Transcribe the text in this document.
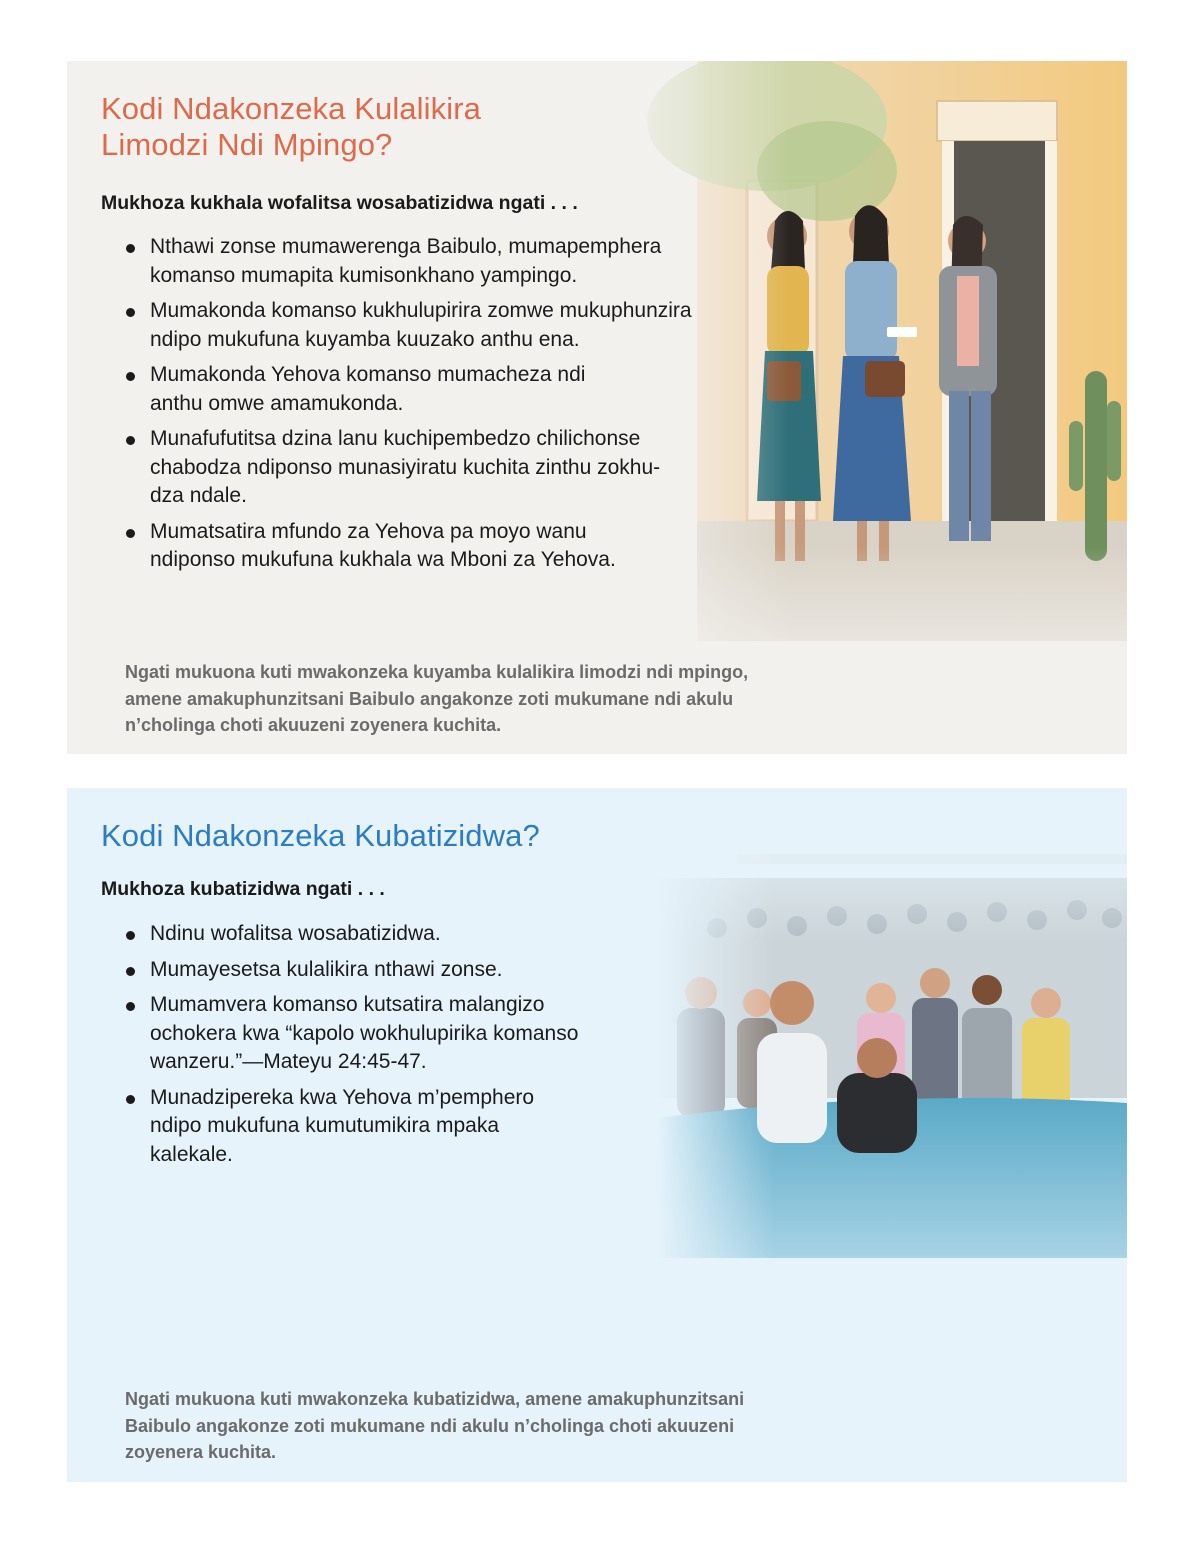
Kodi Ndakonzeka Kulalikira
Limodzi Ndi Mpingo?

Mukhoza kukhala wofalitsa wosabatizidwa ngati . . .

Nthawi zonse mumawerenga Baibulo, mumapemphera
komanso mumapita kumisonkhano yampingo.
Mumakonda komanso kukhulupirira zomwe mukuphunzira
ndipo mukufuna kuyamba kuuzako anthu ena.
Mumakonda Yehova komanso mumacheza ndi
anthu omwe amamukonda.
Munafufutitsa dzina lanu kuchipembedzo chilichonse
chabodza ndiponso munasiyiratu kuchita zinthu zokhu-
dza ndale.
Mumatsatira mfundo za Yehova pa moyo wanu
ndiponso mukufuna kukhala wa Mboni za Yehova.

Ngati mukuona kuti mwakonzeka kuyamba kulalikira limodzi ndi mpingo,
amene amakuphunzitsani Baibulo angakonze zoti mukumane ndi akulu
n’cholinga choti akuuzeni zoyenera kuchita.

Kodi Ndakonzeka Kubatizidwa?

Mukhoza kubatizidwa ngati . . .

Ndinu wofalitsa wosabatizidwa.
Mumayesetsa kulalikira nthawi zonse.
Mumamvera komanso kutsatira malangizo
ochokera kwa “kapolo wokhulupirika komanso
wanzeru.”—Mateyu 24:45-47.
Munadzipereka kwa Yehova m’pemphero
ndipo mukufuna kumutumikira mpaka
kalekale.

Ngati mukuona kuti mwakonzeka kubatizidwa, amene amakuphunzitsani
Baibulo angakonze zoti mukumane ndi akulu n’cholinga choti akuuzeni
zoyenera kuchita.
